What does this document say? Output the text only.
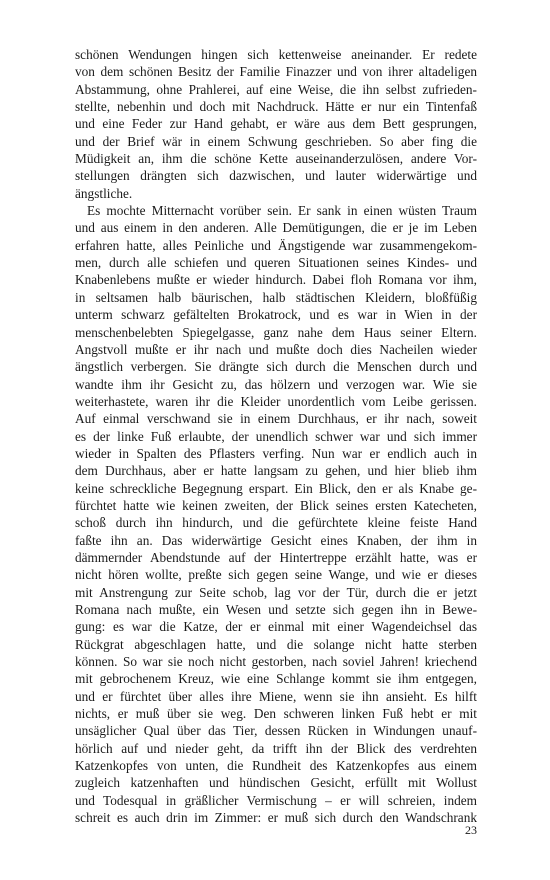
schönen Wendungen hingen sich kettenweise aneinander. Er redete
von dem schönen Besitz der Familie Finazzer und von ihrer altadeligen
Abstammung, ohne Prahlerei, auf eine Weise, die ihn selbst zufrieden-
stellte, nebenhin und doch mit Nachdruck. Hätte er nur ein Tintenfaß
und eine Feder zur Hand gehabt, er wäre aus dem Bett gesprungen,
und der Brief wär in einem Schwung geschrieben. So aber fing die
Müdigkeit an, ihm die schöne Kette auseinanderzulösen, andere Vor-
stellungen drängten sich dazwischen, und lauter widerwärtige und
ängstliche.
Es mochte Mitternacht vorüber sein. Er sank in einen wüsten Traum
und aus einem in den anderen. Alle Demütigungen, die er je im Leben
erfahren hatte, alles Peinliche und Ängstigende war zusammengekom-
men, durch alle schiefen und queren Situationen seines Kindes- und
Knabenlebens mußte er wieder hindurch. Dabei floh Romana vor ihm,
in seltsamen halb bäurischen, halb städtischen Kleidern, bloßfüßig
unterm schwarz gefältelten Brokatrock, und es war in Wien in der
menschenbelebten Spiegelgasse, ganz nahe dem Haus seiner Eltern.
Angstvoll mußte er ihr nach und mußte doch dies Nacheilen wieder
ängstlich verbergen. Sie drängte sich durch die Menschen durch und
wandte ihm ihr Gesicht zu, das hölzern und verzogen war. Wie sie
weiterhastete, waren ihr die Kleider unordentlich vom Leibe gerissen.
Auf einmal verschwand sie in einem Durchhaus, er ihr nach, soweit
es der linke Fuß erlaubte, der unendlich schwer war und sich immer
wieder in Spalten des Pflasters verfing. Nun war er endlich auch in
dem Durchhaus, aber er hatte langsam zu gehen, und hier blieb ihm
keine schreckliche Begegnung erspart. Ein Blick, den er als Knabe ge-
fürchtet hatte wie keinen zweiten, der Blick seines ersten Katecheten,
schoß durch ihn hindurch, und die gefürchtete kleine feiste Hand
faßte ihn an. Das widerwärtige Gesicht eines Knaben, der ihm in
dämmernder Abendstunde auf der Hintertreppe erzählt hatte, was er
nicht hören wollte, preßte sich gegen seine Wange, und wie er dieses
mit Anstrengung zur Seite schob, lag vor der Tür, durch die er jetzt
Romana nach mußte, ein Wesen und setzte sich gegen ihn in Bewe-
gung: es war die Katze, der er einmal mit einer Wagendeichsel das
Rückgrat abgeschlagen hatte, und die solange nicht hatte sterben
können. So war sie noch nicht gestorben, nach soviel Jahren! kriechend
mit gebrochenem Kreuz, wie eine Schlange kommt sie ihm entgegen,
und er fürchtet über alles ihre Miene, wenn sie ihn ansieht. Es hilft
nichts, er muß über sie weg. Den schweren linken Fuß hebt er mit
unsäglicher Qual über das Tier, dessen Rücken in Windungen unauf-
hörlich auf und nieder geht, da trifft ihn der Blick des verdrehten
Katzenkopfes von unten, die Rundheit des Katzenkopfes aus einem
zugleich katzenhaften und hündischen Gesicht, erfüllt mit Wollust
und Todesqual in gräßlicher Vermischung – er will schreien, indem
schreit es auch drin im Zimmer: er muß sich durch den Wandschrank
23
